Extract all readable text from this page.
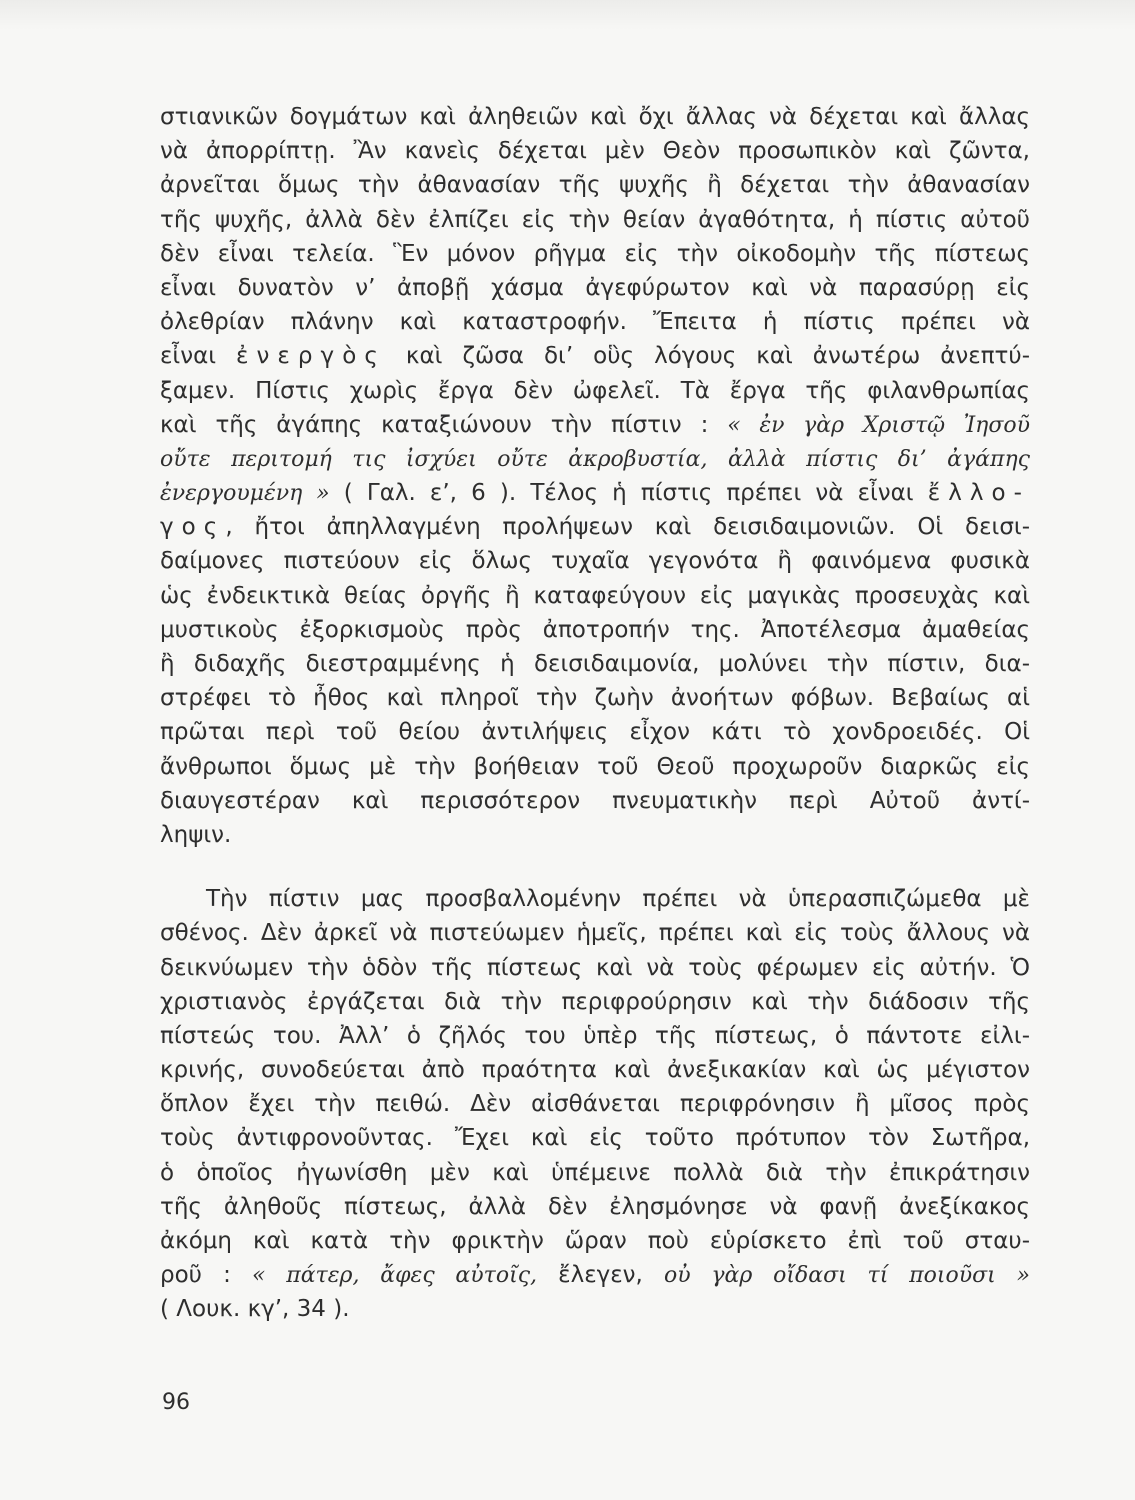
στιανικῶν δογμάτων καὶ ἀληθειῶν καὶ ὄχι ἄλλας νὰ δέχεται καὶ ἄλλας
νὰ ἀπορρίπτῃ. Ἂν κανεὶς δέχεται μὲν Θεὸν προσωπικὸν καὶ ζῶντα,
ἀρνεῖται ὅμως τὴν ἀθανασίαν τῆς ψυχῆς ἢ δέχεται τὴν ἀθανασίαν
τῆς ψυχῆς, ἀλλὰ δὲν ἐλπίζει εἰς τὴν θείαν ἀγαθότητα, ἡ πίστις αὐτοῦ
δὲν εἶναι τελεία. Ἓν μόνον ρῆγμα εἰς τὴν οἰκοδομὴν τῆς πίστεως
εἶναι δυνατὸν ν’ ἀποβῇ χάσμα ἀγεφύρωτον καὶ νὰ παρασύρῃ εἰς
ὀλεθρίαν πλάνην καὶ καταστροφήν. Ἔπειτα ἡ πίστις πρέπει νὰ
εἶναι ἐνεργὸς καὶ ζῶσα δι’ οὓς λόγους καὶ ἀνωτέρω ἀνεπτύ-
ξαμεν. Πίστις χωρὶς ἔργα δὲν ὠφελεῖ. Τὰ ἔργα τῆς φιλανθρωπίας
καὶ τῆς ἀγάπης καταξιώνουν τὴν πίστιν : « ἐν γὰρ Χριστῷ Ἰησοῦ
οὔτε περιτομή τις ἰσχύει οὔτε ἀκροβυστία, ἀλλὰ πίστις δι’ ἀγάπης
ἐνεργουμένη » ( Γαλ. ε’, 6 ). Τέλος ἡ πίστις πρέπει νὰ εἶναι ἔλλο-
γος, ἤτοι ἀπηλλαγμένη προλήψεων καὶ δεισιδαιμονιῶν. Οἱ δεισι-
δαίμονες πιστεύουν εἰς ὅλως τυχαῖα γεγονότα ἢ φαινόμενα φυσικὰ
ὡς ἐνδεικτικὰ θείας ὀργῆς ἢ καταφεύγουν εἰς μαγικὰς προσευχὰς καὶ
μυστικοὺς ἐξορκισμοὺς πρὸς ἀποτροπήν της. Ἀποτέλεσμα ἀμαθείας
ἢ διδαχῆς διεστραμμένης ἡ δεισιδαιμονία, μολύνει τὴν πίστιν, δια-
στρέφει τὸ ἦθος καὶ πληροῖ τὴν ζωὴν ἀνοήτων φόβων. Βεβαίως αἱ
πρῶται περὶ τοῦ θείου ἀντιλήψεις εἶχον κάτι τὸ χονδροειδές. Οἱ
ἄνθρωποι ὅμως μὲ τὴν βοήθειαν τοῦ Θεοῦ προχωροῦν διαρκῶς εἰς
διαυγεστέραν καὶ περισσότερον πνευματικὴν περὶ Αὐτοῦ ἀντί-
ληψιν.
Τὴν πίστιν μας προσβαλλομένην πρέπει νὰ ὑπερασπιζώμεθα μὲ
σθένος. Δὲν ἀρκεῖ νὰ πιστεύωμεν ἡμεῖς, πρέπει καὶ εἰς τοὺς ἄλλους νὰ
δεικνύωμεν τὴν ὁδὸν τῆς πίστεως καὶ νὰ τοὺς φέρωμεν εἰς αὐτήν. Ὁ
χριστιανὸς ἐργάζεται διὰ τὴν περιφρούρησιν καὶ τὴν διάδοσιν τῆς
πίστεώς του. Ἀλλ’ ὁ ζῆλός του ὑπὲρ τῆς πίστεως, ὁ πάντοτε εἰλι-
κρινής, συνοδεύεται ἀπὸ πραότητα καὶ ἀνεξικακίαν καὶ ὡς μέγιστον
ὅπλον ἔχει τὴν πειθώ. Δὲν αἰσθάνεται περιφρόνησιν ἢ μῖσος πρὸς
τοὺς ἀντιφρονοῦντας. Ἔχει καὶ εἰς τοῦτο πρότυπον τὸν Σωτῆρα,
ὁ ὁποῖος ἠγωνίσθη μὲν καὶ ὑπέμεινε πολλὰ διὰ τὴν ἐπικράτησιν
τῆς ἀληθοῦς πίστεως, ἀλλὰ δὲν ἐλησμόνησε νὰ φανῇ ἀνεξίκακος
ἀκόμη καὶ κατὰ τὴν φρικτὴν ὥραν ποὺ εὑρίσκετο ἐπὶ τοῦ σταυ-
ροῦ : « πάτερ, ἄφες αὐτοῖς, ἔλεγεν, οὐ γὰρ οἴδασι τί ποιοῦσι »
( Λουκ. κγ’, 34 ).
96
